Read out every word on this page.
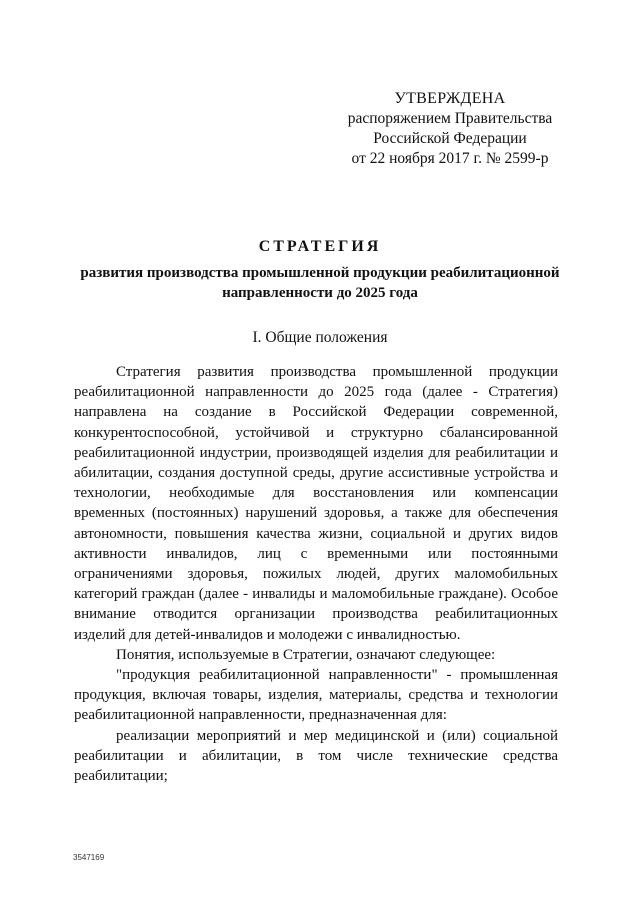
УТВЕРЖДЕНА
распоряжением Правительства
Российской Федерации
от 22 ноября 2017 г. № 2599-р
СТРАТЕГИЯ
развития производства промышленной продукции реабилитационной направленности до 2025 года
I. Общие положения

Стратегия развития производства промышленной продукции реабилитационной направленности до 2025 года (далее - Стратегия) направлена на создание в Российской Федерации современной, конкурентоспособной, устойчивой и структурно сбалансированной реабилитационной индустрии, производящей изделия для реабилитации и абилитации, создания доступной среды, другие ассистивные устройства и технологии, необходимые для восстановления или компенсации временных (постоянных) нарушений здоровья, а также для обеспечения автономности, повышения качества жизни, социальной и других видов активности инвалидов, лиц с временными или постоянными ограничениями здоровья, пожилых людей, других маломобильных категорий граждан (далее - инвалиды и маломобильные граждане). Особое внимание отводится организации производства реабилитационных изделий для детей-инвалидов и молодежи с инвалидностью.

Понятия, используемые в Стратегии, означают следующее:

"продукция реабилитационной направленности" - промышленная продукция, включая товары, изделия, материалы, средства и технологии реабилитационной направленности, предназначенная для:

реализации мероприятий и мер медицинской и (или) социальной реабилитации и абилитации, в том числе технические средства реабилитации;

3547169
